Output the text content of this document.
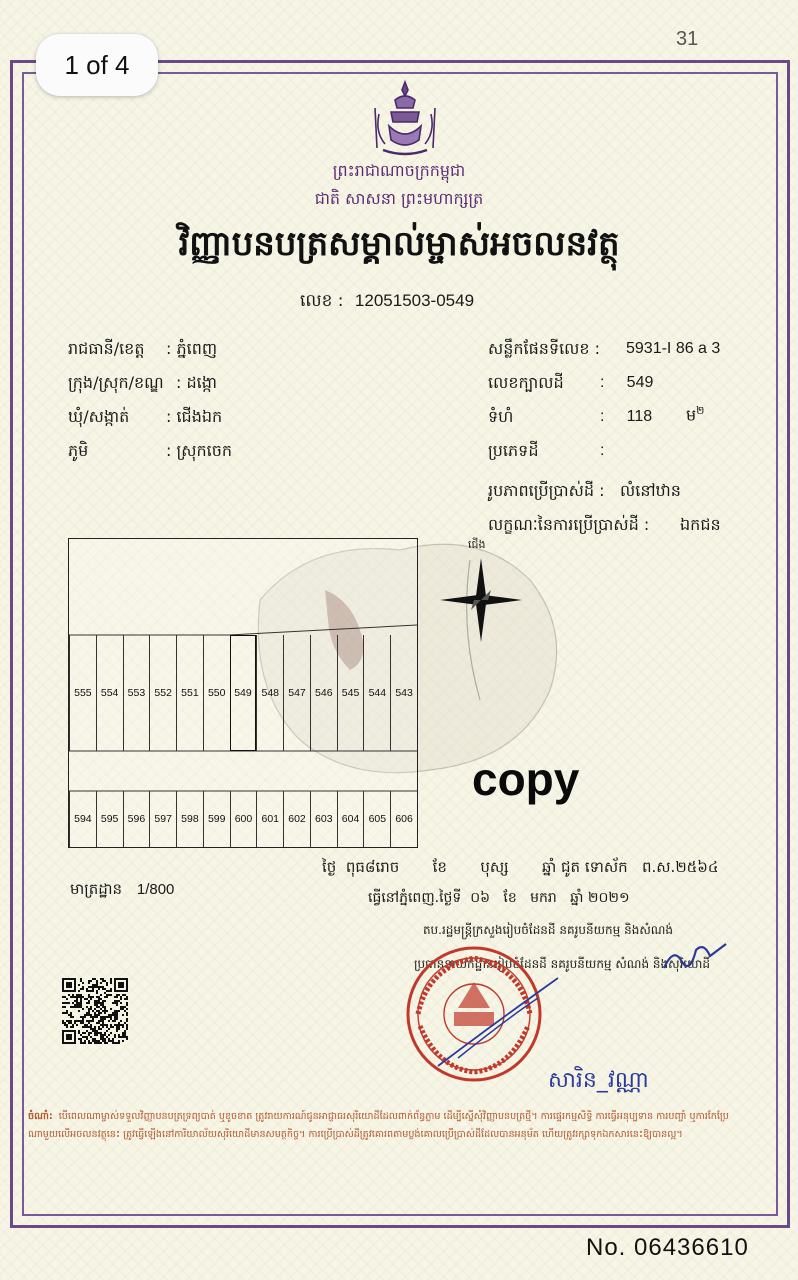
1 of 4
31
ព្រះរាជាណាចក្រកម្ពុជា
ជាតិ សាសនា ព្រះមហាក្សត្រ
វិញ្ញាបនបត្រសម្គាល់ម្ចាស់អចលនវត្ថុ
លេខ : 12051503-0549
រាជធានី/ខេត្ត : ភ្នំពេញ
ក្រុង/ស្រុក/ខណ្ឌ : ដង្កោ
ឃុំ/សង្កាត់ : ជើងឯក
ភូមិ	: ស្រុកចេក
សន្លឹកផែនទីលេខ : 5931-I 86 a 3
លេខក្បាលដី :     549
ទំហំ	:     118 ម$^២$
ប្រភេទដី	:
រូបភាពប្រើប្រាស់ដី : លំនៅឋាន
លក្ខណៈនៃការប្រើប្រាស់ដី : ឯកជន
ជើង
555 554 553 552 551 550 549 548 547 546 545 544 543
594 595 596 597 598 599 600 601 602 603 604 605 606
copy
មាត្រដ្ឋាន 1/800
ថ្ងៃ  ពុធ៨រោច       ខែ       បុស្ស       ឆ្នាំ ជូត ទោស័ក   ព.ស.២៥៦៤
ធ្វើនៅភ្នំពេញ.ថ្ងៃទី  ០៦   ខែ   មករា   ឆ្នាំ ២០២១
តប.រដ្ឋមន្ត្រីក្រសួងរៀបចំដែនដី នគរូបនីយកម្ម និងសំណង់
ប្រធាននាយកដ្ឋានរៀបចំដែនដី នគរូបនីយកម្ម សំណង់ និងសុរិយោដី
សារិន_វណ្ណា
ចំណាំ: បើពេលណាម្ចាស់ទទួលវិញ្ញាបនបត្រទ្រព្យបាត់ ឬខូចខាត ត្រូវរាយការណ៍ជូនអាជ្ញាធរសុរិយោដីដែលពាក់ព័ន្ធភ្លាម ដើម្បីស្នើសុំវិញ្ញាបនបត្រថ្មី។ ការផ្ទេរកម្មសិទ្ធិ ការធ្វើអនុប្បទាន ការបញ្ចាំ ឬការកែប្រែណាមួយលើអចលនវត្ថុនេះ ត្រូវធ្វើឡើងនៅការិយាល័យសុរិយោដីមានសមត្ថកិច្ច។ ការប្រើប្រាស់ដីត្រូវគោរពតាមប្លង់គោលប្រើប្រាស់ដីដែលបានអនុម័ត ហើយត្រូវរក្សាទុកឯកសារនេះឱ្យបានល្អ។
No. 06436610
